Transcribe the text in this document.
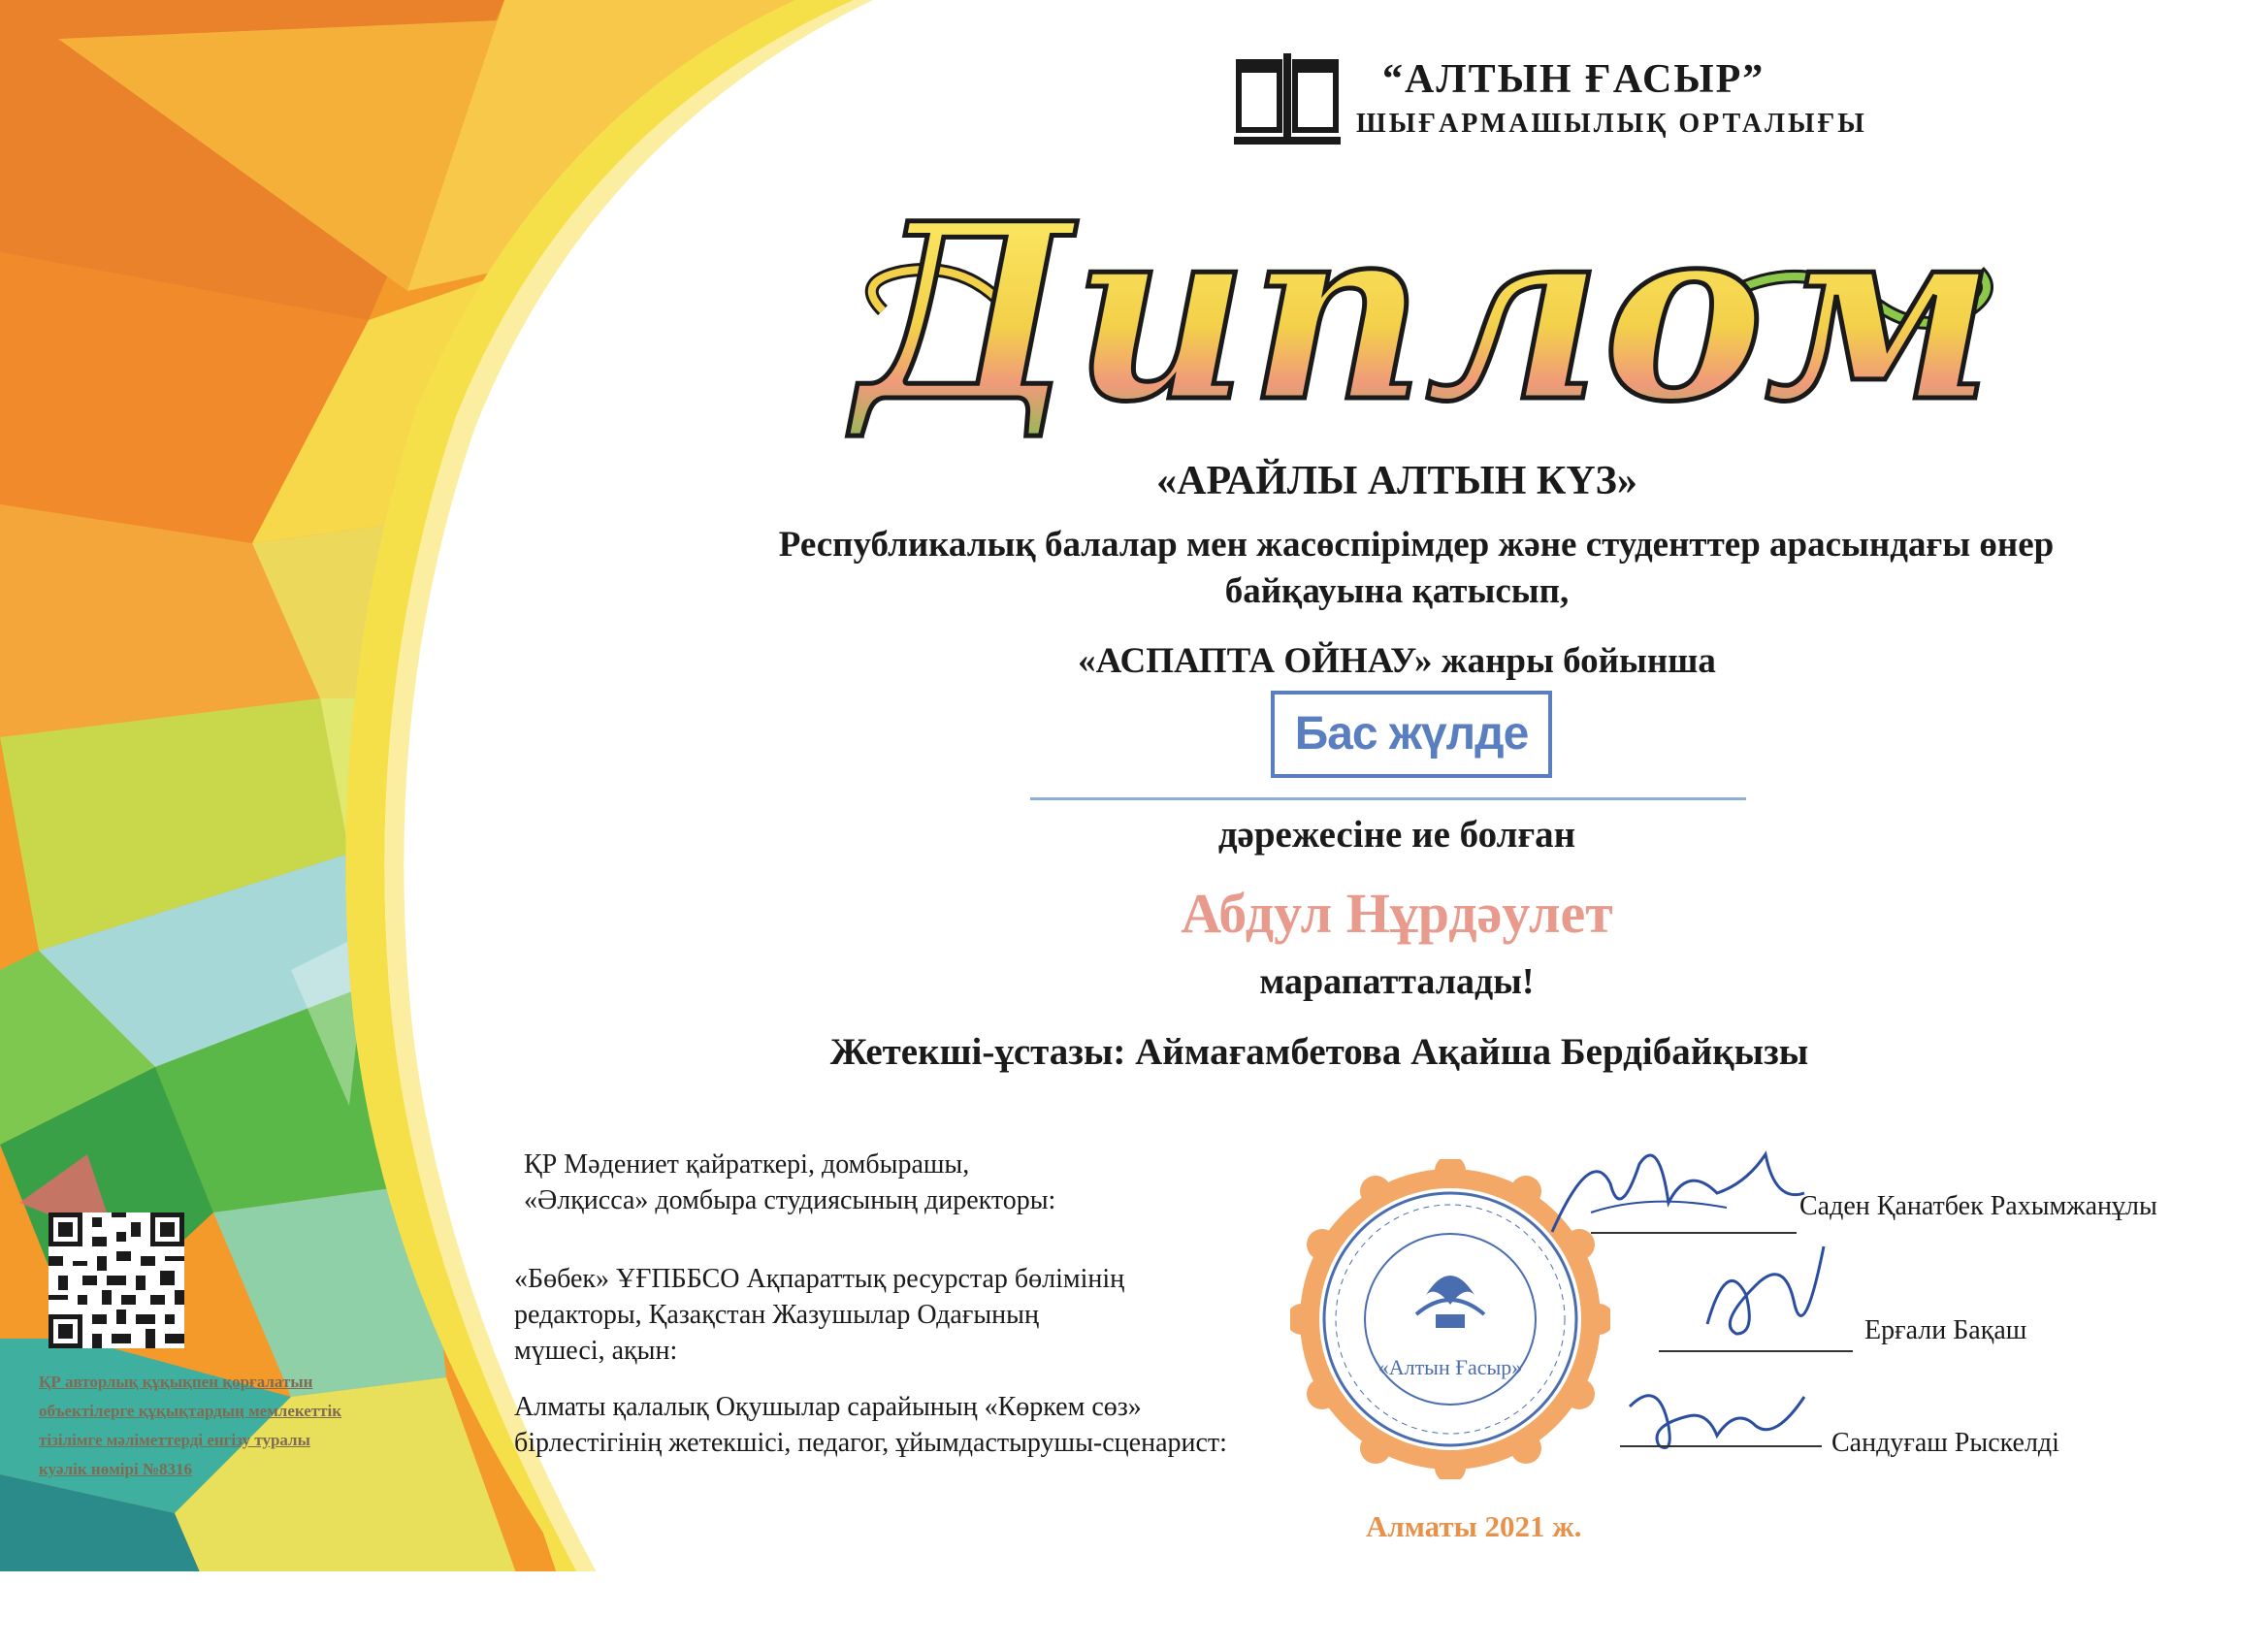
“АЛТЫН ҒАСЫР”
ШЫҒАРМАШЫЛЫҚ ОРТАЛЫҒЫ
Диплом
«АРАЙЛЫ АЛТЫН КҮЗ»
Республикалық балалар мен жасөспірімдер және студенттер арасындағы өнер
байқауына қатысып,
«АСПАПТА ОЙНАУ» жанры бойынша
Бас жүлде
дәрежесіне ие болған
Абдул Нұрдәулет
марапатталады!
Жетекші-ұстазы: Аймағамбетова Ақайша Бердібайқызы
ҚР Мәдениет қайраткері, домбырашы,
«Әлқисса» домбыра студиясының директоры:
«Бөбек» ҰҒПББСО Ақпараттық ресурстар бөлімінің
редакторы, Қазақстан Жазушылар Одағының
мүшесі, ақын:
Алматы қалалық Оқушылар сарайының «Көркем сөз»
бірлестігінің жетекшісі, педагог, ұйымдастырушы-сценарист:
«Алтын Ғасыр»
Саден Қанатбек Рахымжанұлы
Ерғали Бақаш
Сандуғаш Рыскелді
Алматы 2021 ж.
ҚР авторлық құқықпен қорғалатын
объектілерге құқықтардың мемлекеттік
тізілімге мәліметтерді енгізу туралы
куәлік нөмірі №8316
